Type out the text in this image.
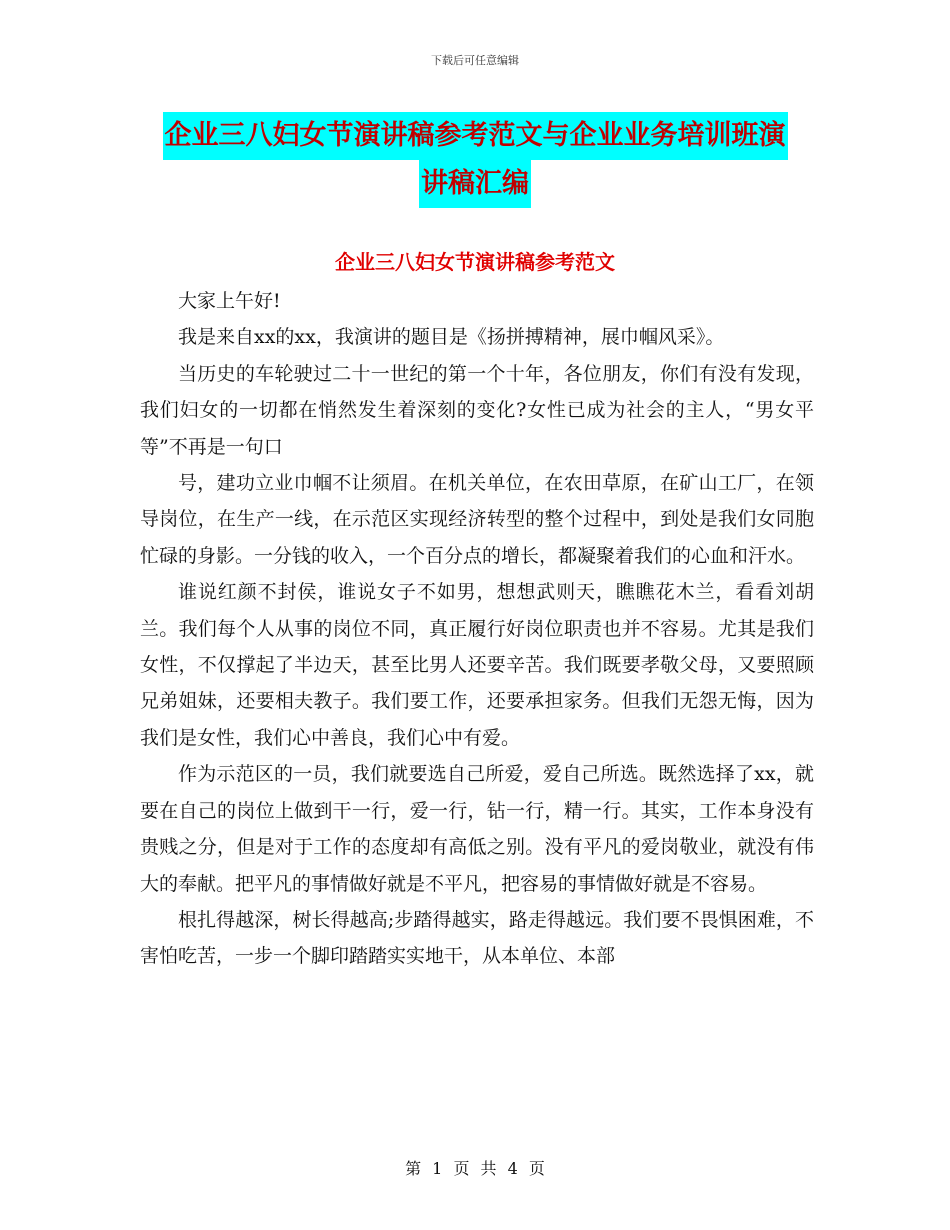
下载后可任意编辑
企业三八妇女节演讲稿参考范文与企业业务培训班演
讲稿汇编
企业三八妇女节演讲稿参考范文

大家上午好!

我是来自xx的xx，我演讲的题目是《扬拼搏精神，展巾帼风采》。

当历史的车轮驶过二十一世纪的第一个十年，各位朋友，你们有没有发现，我们妇女的一切都在悄然发生着深刻的变化?女性已成为社会的主人，“男女平等”不再是一句口

号，建功立业巾帼不让须眉。在机关单位，在农田草原，在矿山工厂，在领导岗位，在生产一线，在示范区实现经济转型的整个过程中，到处是我们女同胞忙碌的身影。一分钱的收入，一个百分点的增长，都凝聚着我们的心血和汗水。

谁说红颜不封侯，谁说女子不如男，想想武则天，瞧瞧花木兰，看看刘胡兰。我们每个人从事的岗位不同，真正履行好岗位职责也并不容易。尤其是我们女性，不仅撑起了半边天，甚至比男人还要辛苦。我们既要孝敬父母，又要照顾兄弟姐妹，还要相夫教子。我们要工作，还要承担家务。但我们无怨无悔，因为我们是女性，我们心中善良，我们心中有爱。

作为示范区的一员，我们就要选自己所爱，爱自己所选。既然选择了xx，就要在自己的岗位上做到干一行，爱一行，钻一行，精一行。其实，工作本身没有贵贱之分，但是对于工作的态度却有高低之别。没有平凡的爱岗敬业，就没有伟大的奉献。把平凡的事情做好就是不平凡，把容易的事情做好就是不容易。

根扎得越深，树长得越高;步踏得越实，路走得越远。我们要不畏惧困难，不害怕吃苦，一步一个脚印踏踏实实地干，从本单位、本部

第 1 页 共 4 页
